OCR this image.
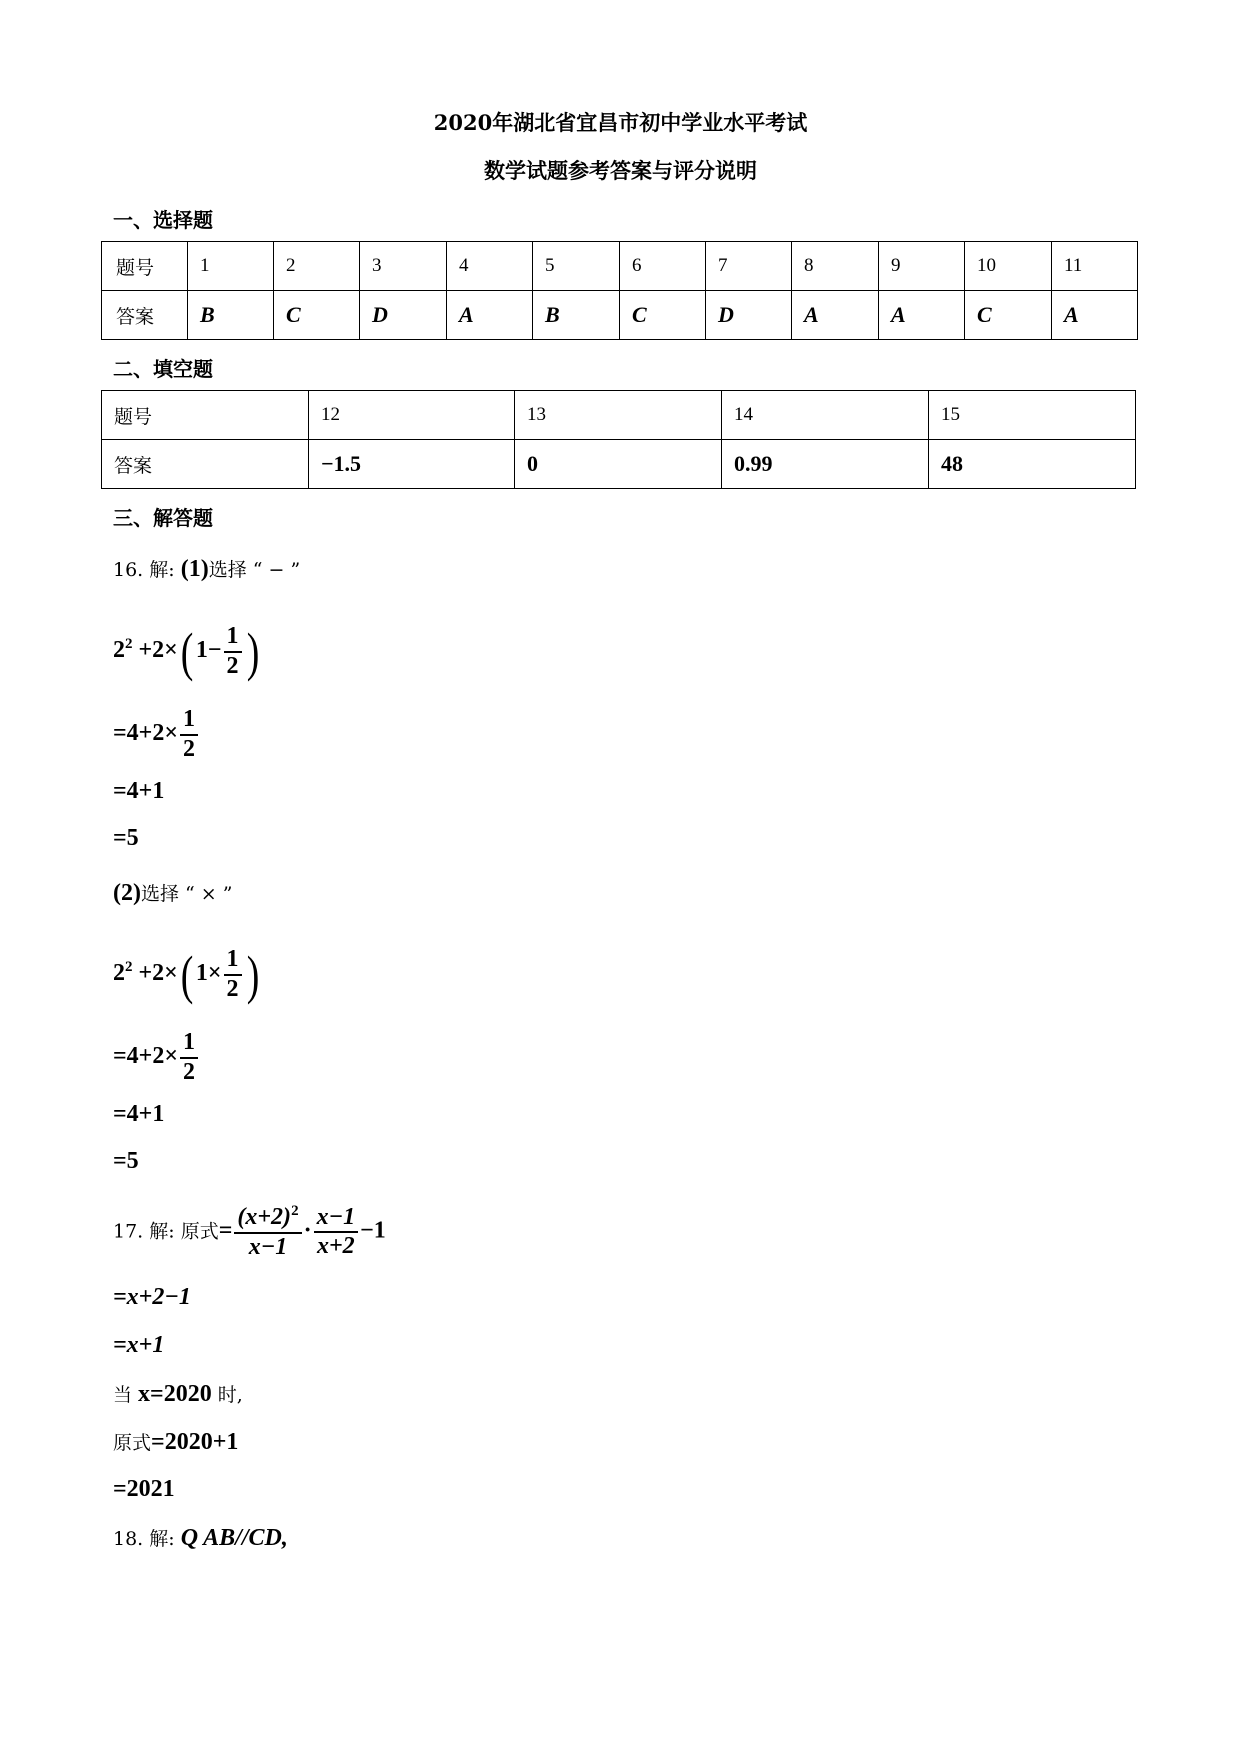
2020年湖北省宜昌市初中学业水平考试
数学试题参考答案与评分说明
一、选择题
题号	1	2	3	4	5	6	7	8	9	10	11
答案	B	C	D	A	B	C	D	A	A	C	A
二、填空题
题号	12	13	14	15
答案	−1.5	0	0.99	48
三、解答题
16. 解: (1)选择 “ − ”
$2^2 +2\times$( $1- \frac{1}{2}$ )
$=4+2\times \frac{1}{2}$
=4+1
=5
(2)选择 “ × ”
$2^2 +2\times$( $1\times \frac{1}{2}$ )
$=4+2\times \frac{1}{2}$
=4+1
=5
17. 解: 原式= $\frac{(x+2)^2}{x-1} \cdot \frac{x-1}{x+2} -1$
=x+2−1
=x+1
当 x=2020 时,
原式=2020+1
=2021
18. 解: Q AB//CD,
